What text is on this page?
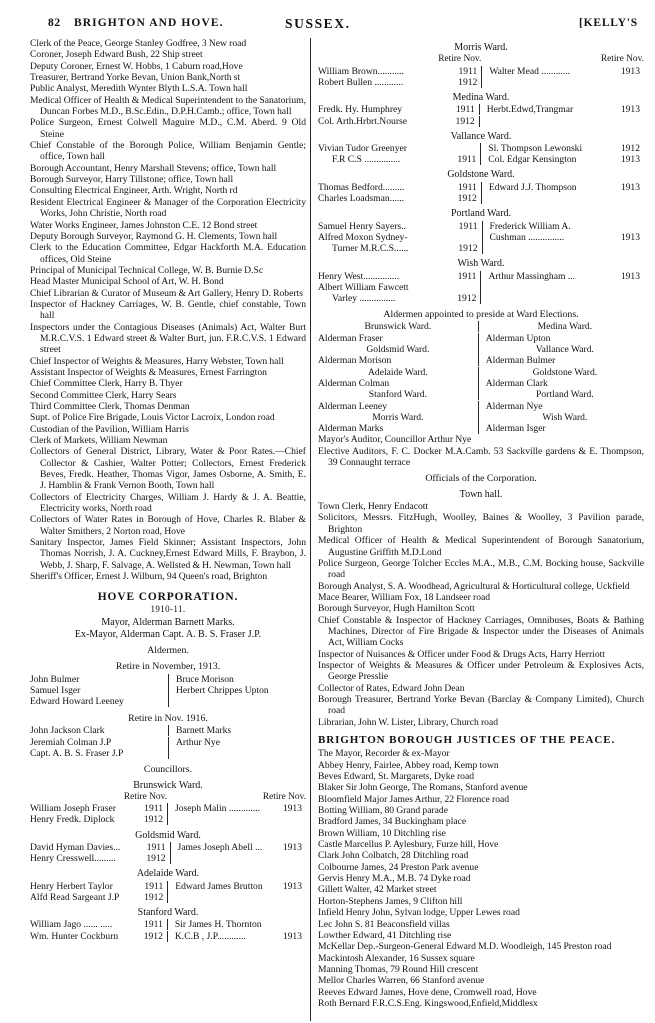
82 BRIGHTON AND HOVE.	SUSSEX.	[KELLY'S
Clerk of the Peace, George Stanley Godfree, 3 New road
Coroner, Joseph Edward Bush, 22 Ship street
Deputy Coroner, Ernest W. Hobbs, 1 Caburn road,Hove
Treasurer, Bertrand Yorke Bevan, Union Bank,North st
Public Analyst, Meredith Wynter Blyth L.S.A. Town hall
Medical Officer of Health & Medical Superintendent to the Sanatorium, Duncan Forbes M.D., B.Sc.Edin., D.P.H.Camb.; office, Town hall
Police Surgeon, Ernest Colwell Maguire M.D., C.M. Aberd. 9 Old Steine
Chief Constable of the Borough Police, William Benjamin Gentle; office, Town hall
Borough Accountant, Henry Marshall Stevens; office, Town hall
Borough Surveyor, Harry Tillstone; office, Town hall
Consulting Electrical Engineer, Arth. Wright, North rd
Resident Electrical Engineer & Manager of the Corporation Electricity Works, John Christie, North road
Water Works Engineer, James Johnston C.E. 12 Bond street
Deputy Borough Surveyor, Raymond G. H. Clements, Town hall
Clerk to the Education Committee, Edgar Hackforth M.A. Education offices, Old Steine
Principal of Municipal Technical College, W. B. Burnie D.Sc
Head Master Municipal School of Art, W. H. Bond
Chief Librarian & Curator of Museum & Art Gallery, Henry D. Roberts
Inspector of Hackney Carriages, W. B. Gentle, chief constable, Town hall
Inspectors under the Contagious Diseases (Animals) Act, Walter Burt M.R.C.V.S. 1 Edward street & Walter Burt, jun. F.R.C.V.S. 1 Edward street
Chief Inspector of Weights & Measures, Harry Webster, Town hall
Assistant Inspector of Weights & Measures, Ernest Farrington
Chief Committee Clerk, Harry B. Thyer
Second Committee Clerk, Harry Sears
Third Committee Clerk, Thomas Denman
Supt. of Police Fire Brigade, Louis Victor Lacroix, London road
Custodian of the Pavilion, William Harris
Clerk of Markets, William Newman
Collectors of General District, Library, Water & Poor Rates.—Chief Collector & Cashier, Walter Potter; Collectors, Ernest Frederick Beves, Fredk. Heather, Thomas Vigor, James Osborne, A. Smith, E. J. Hamblin & Frank Vernon Booth, Town hall
Collectors of Electricity Charges, William J. Hardy & J. A. Beattie, Electricity works, North road
Collectors of Water Rates in Borough of Hove, Charles R. Blaber & Walter Smithers, 2 Norton road, Hove
Sanitary Inspector, James Field Skinner; Assistant Inspectors, John Thomas Norrish, J. A. Cuckney,Ernest Edward Mills, F. Braybon, J. Webb, J. Sharp, F. Salvage, A. Wellsted & H. Newman, Town hall
Sheriff's Officer, Ernest J. Wilburn, 94 Queen's road, Brighton
HOVE CORPORATION.
1910-11.
Mayor, Alderman Barnett Marks.
Ex-Mayor, Alderman Capt. A. B. S. Fraser J.P.
Aldermen.
Retire in November, 1913.
John Bulmer		Bruce Morison
Samuel Isger		Herbert Chrippes Upton
Edward Howard Leeney	

Retire in Nov. 1916.
John Jackson Clark		Barnett Marks
Jeremiah Colman J.P		Arthur Nye
Capt. A. B. S. Fraser J.P	

Councillors.
Brunswick Ward.
Retire Nov.		Retire Nov.	
William Joseph Fraser	1911		Joseph Malin .............	1913
Henry Fredk. Diplock	1912	

Goldsmid Ward.
David Hyman Davies...	1911		James Joseph Abell ...	1913
Henry Cresswell.........	1912	

Adelaide Ward.
Henry Herbert Taylor	1911		Edward James Brutton	1913
Alfd Read Sargeant J.P	1912	

Stanford Ward.
William Jago ...... .....	1911		Sir James H. Thornton	
Wm. Hunter Cockburn	1912		K.C.B , J.P............	1913
Morris Ward.
Retire Nov.		Retire Nov.	
William Brown...........	1911		Walter Mead ............	1913
Robert Bullen ............	1912	

Medina Ward.
Fredk. Hy. Humphrey	1911		Herbt.Edwd,Trangmar	1913
Col. Arth.Hrbrt.Nourse	1912	

Vallance Ward.
Vivian Tudor Greenyer			Sl. Thompson Lewonski	1912
F.R C.S ...............	1911		Col. Edgar Kensington	1913
Goldstone Ward.
Thomas Bedford.........	1911		Edward J.J. Thompson	1913
Charles Loadsman......	1912	

Portland Ward.
Samuel Henry Sayers..	1911		Frederick William A.	
Alfred Moxon Sydney-			Cushman ...............	1913
Turner M.R.C.S......	1912	

Wish Ward.
Henry West...............	1911		Arthur Massingham ...	1913
Albert William Fawcett		

Varley ...............	1912	

Aldermen appointed to preside at Ward Elections.
Brunswick Ward.		Medina Ward.
Alderman Fraser		Alderman Upton
Goldsmid Ward.		Vallance Ward.
Alderman Morison		Alderman Bulmer
Adelaide Ward.		Goldstone Ward.
Alderman Colman		Alderman Clark
Stanford Ward.		Portland Ward.
Alderman Leeney		Alderman Nye
Morris Ward.		Wish Ward.
Alderman Marks		Alderman Isger
Mayor's Auditor, Councillor Arthur Nye
Elective Auditors, F. C. Docker M.A.Camb. 53 Sackville gardens & E. Thompson, 39 Connaught terrace
Officials of the Corporation.
Town hall.
Town Clerk, Henry Endacott
Solicitors, Messrs. FitzHugh, Woolley, Baines & Woolley, 3 Pavilion parade, Brighton
Medical Officer of Health & Medical Superintendent of Borough Sanatorium, Augustine Griffith M.D.Lond
Police Surgeon, George Tolcher Eccles M.A., M.B., C.M. Bocking house, Sackville road
Borough Analyst, S. A. Woodhead, Agricultural & Horticultural college, Uckfield
Mace Bearer, William Fox, 18 Landseer road
Borough Surveyor, Hugh Hamilton Scott
Chief Constable & Inspector of Hackney Carriages, Omnibuses, Boats & Bathing Machines, Director of Fire Brigade & Inspector under the Diseases of Animals Act, William Cocks
Inspector of Nuisances & Officer under Food & Drugs Acts, Harry Herriott
Inspector of Weights & Measures & Officer under Petroleum & Explosives Acts, George Presslie
Collector of Rates, Edward John Dean
Borough Treasurer, Bertrand Yorke Bevan (Barclay & Company Limited), Church road
Librarian, John W. Lister, Library, Church road
BRIGHTON BOROUGH JUSTICES OF THE PEACE.
The Mayor, Recorder & ex-Mayor
Abbey Henry, Fairlee, Abbey road, Kemp town
Beves Edward, St. Margarets, Dyke road
Blaker Sir John George, The Romans, Stanford avenue
Bloomfield Major James Arthur, 22 Florence road
Botting William, 80 Grand parade
Bradford James, 34 Buckingham place
Brown William, 10 Ditchling rise
Castle Marcellus P. Aylesbury, Furze hill, Hove
Clark John Colbatch, 28 Ditchling road
Colbourne James, 24 Preston Park avenue
Gervis Henry M.A., M.B. 74 Dyke road
Gillett Walter, 42 Market street
Horton-Stephens James, 9 Clifton hill
Infield Henry John, Sylvan lodge, Upper Lewes road
Lec John S. 81 Beaconsfield villas
Lowther Edward, 41 Ditchling rise
McKellar Dep.-Surgeon-General Edward M.D. Woodleigh, 145 Preston road
Mackintosh Alexander, 16 Sussex square
Manning Thomas, 79 Round Hill crescent
Mellor Charles Warren, 66 Stanford avenue
Reeves Edward James, Hove dene, Cromwell road, Hove
Roth Bernard F.R.C.S.Eng. Kingswood,Enfield,Middlesx
